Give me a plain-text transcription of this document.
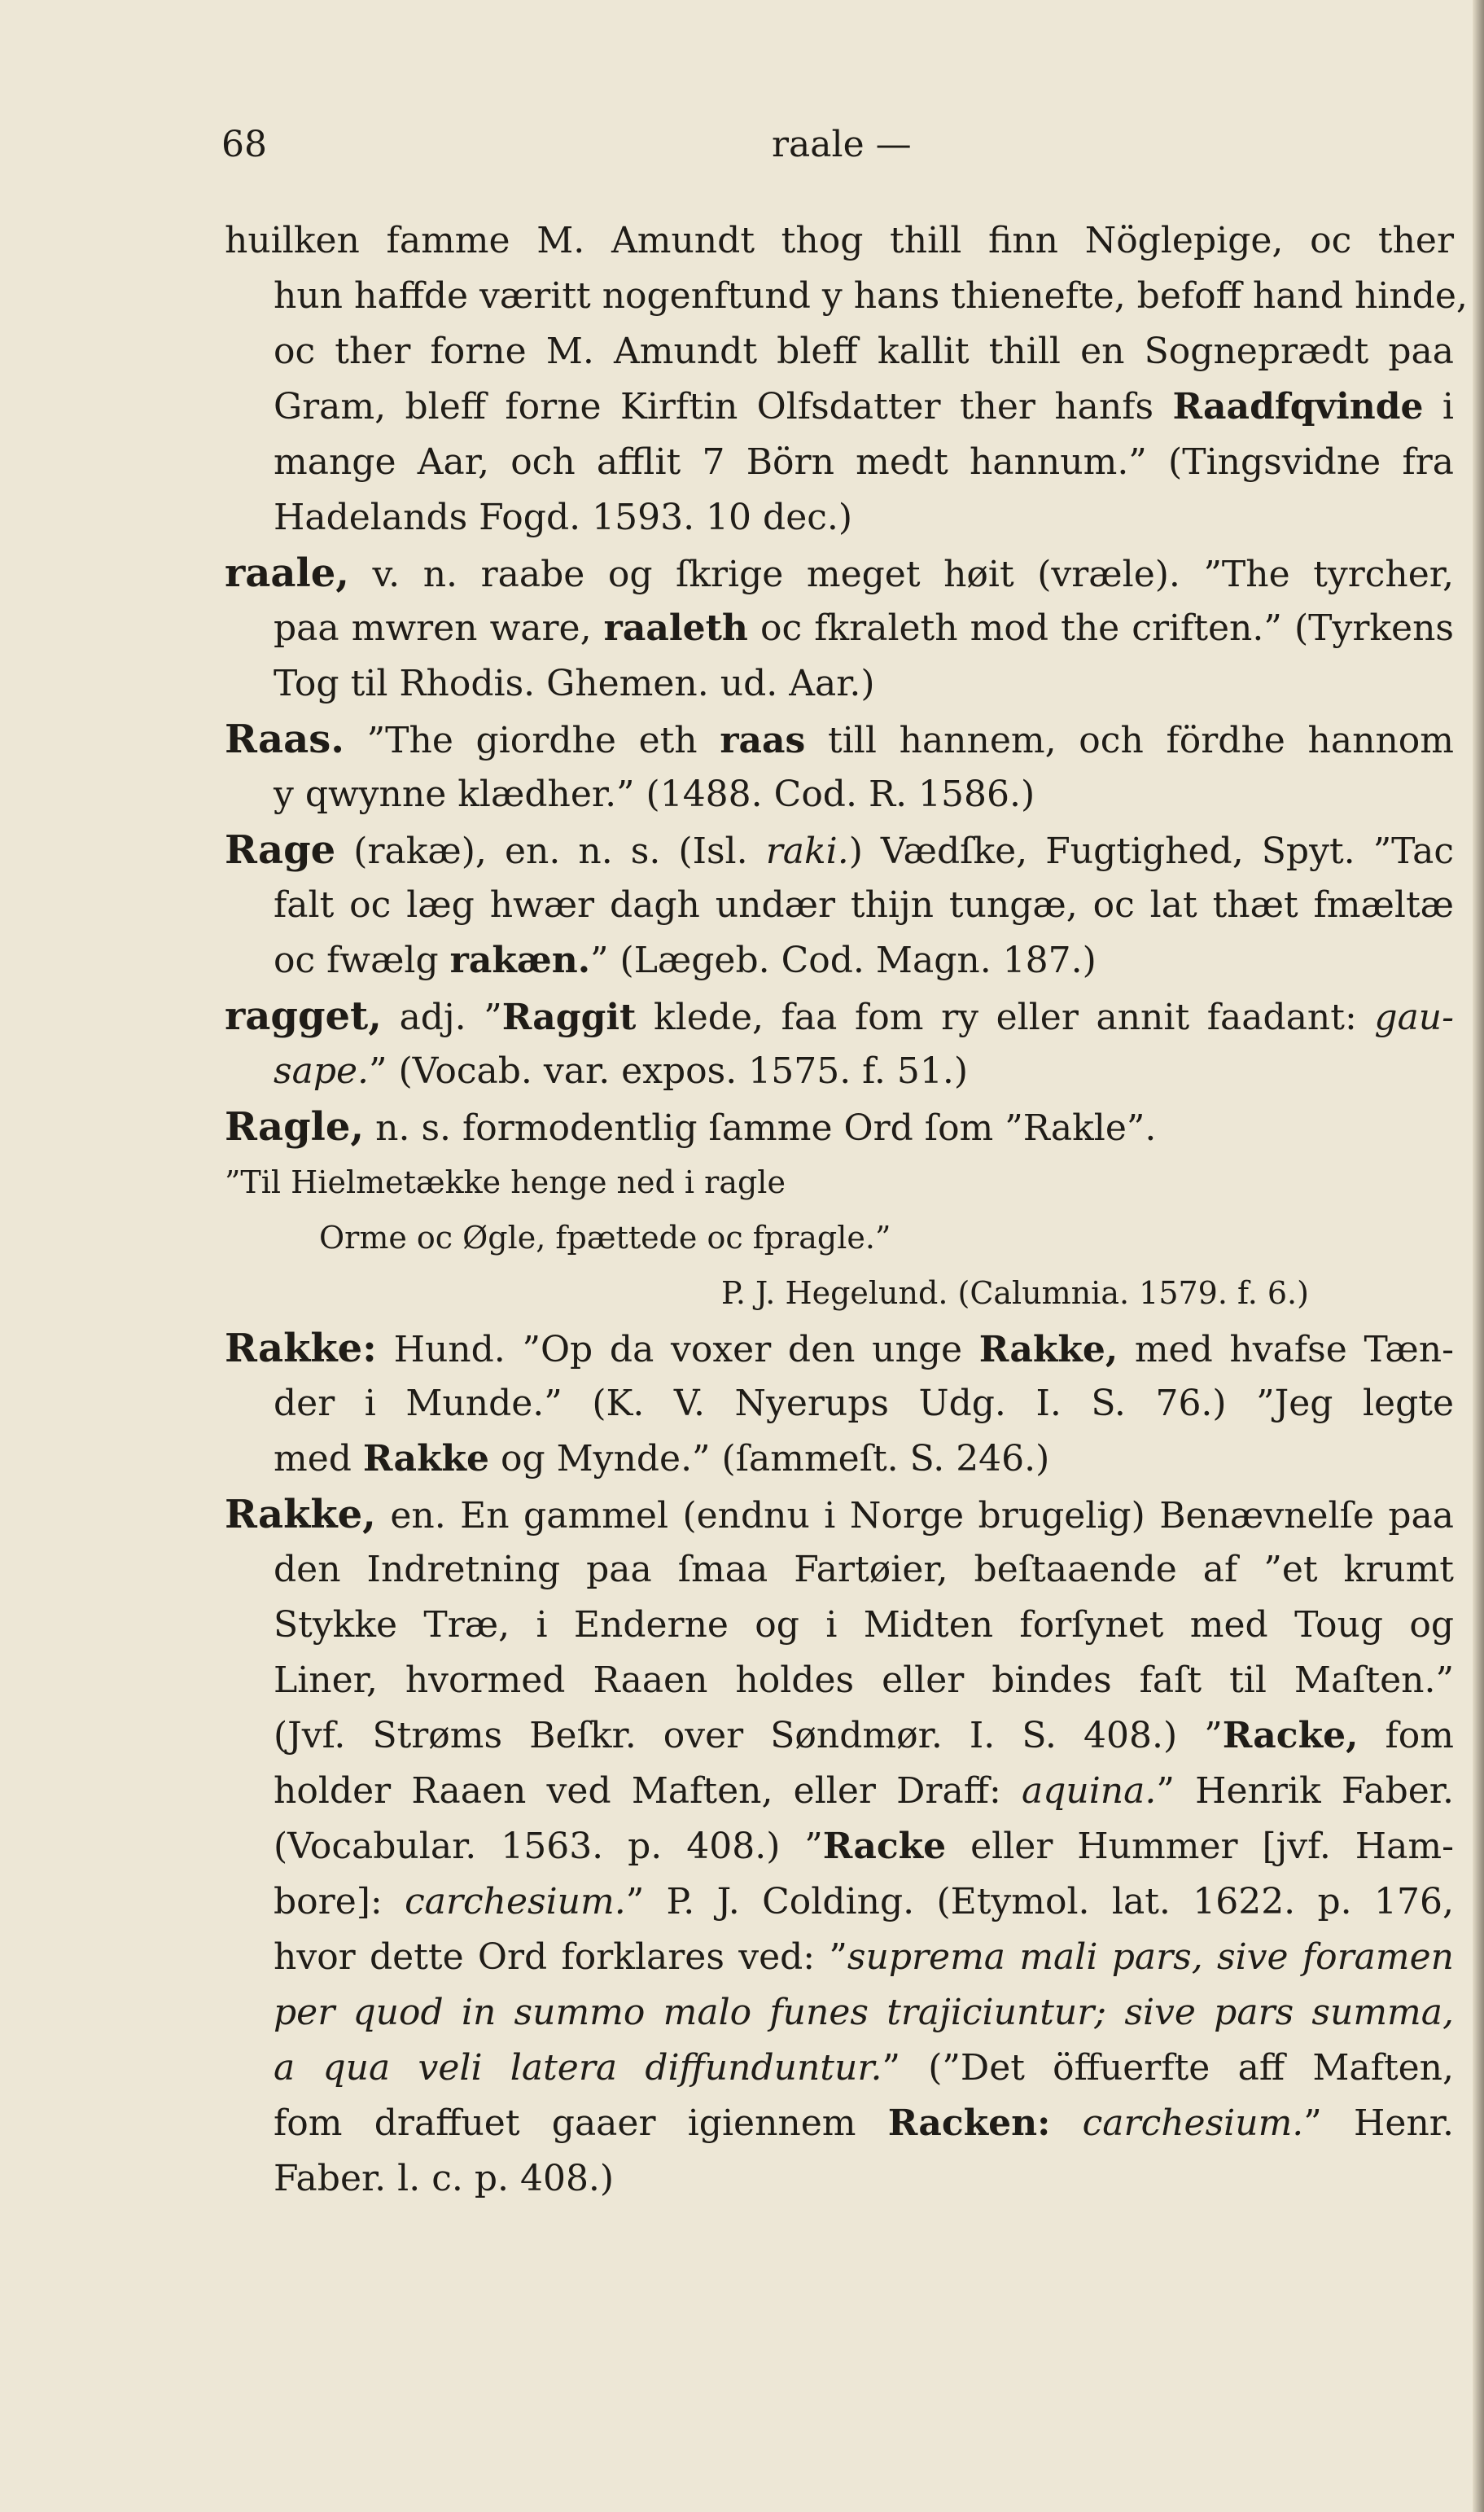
68	raale —
huilken famme M. Amundt thog thill finn Nöglepige, oc ther
hun haffde væritt nogenftund y hans thienefte, befoff hand hinde,
oc ther forne M. Amundt bleff kallit thill en Sogneprædt paa
Gram, bleff forne Kirftin Olfsdatter ther hanfs Raadfqvinde i
mange Aar, och afflit 7 Börn medt hannum.” (Tingsvidne fra
Hadelands Fogd. 1593. 10 dec.)
raale, v. n. raabe og ſkrige meget høit (vræle). ”The tyrcher,
paa mwren ware, raaleth oc fkraleth mod the criften.” (Tyrkens
Tog til Rhodis. Ghemen. ud. Aar.)
Raas. ”The giordhe eth raas till hannem, och fördhe hannom
y qwynne klædher.” (1488. Cod. R. 1586.)
Rage (rakæ), en. n. s. (Isl. raki.) Vædſke, Fugtighed, Spyt. ”Tac
falt oc læg hwær dagh undær thijn tungæ, oc lat thæt fmæltæ
oc fwælg rakæn.” (Lægeb. Cod. Magn. 187.)
ragget, adj. ”Raggit klede, faa fom ry eller annit faadant: gau-
sape.” (Vocab. var. expos. 1575. f. 51.)
Ragle, n. s. formodentlig ſamme Ord ſom ”Rakle”.
”Til Hielmetække henge ned i ragle
Orme oc Øgle, fpættede oc fpragle.”
P. J. Hegelund. (Calumnia. 1579. f. 6.)
Rakke: Hund. ”Op da voxer den unge Rakke, med hvafse Tæn-
der i Munde.” (K. V. Nyerups Udg. I. S. 76.) ”Jeg legte
med Rakke og Mynde.” (ſammeſt. S. 246.)
Rakke, en. En gammel (endnu i Norge brugelig) Benævnelſe paa
den Indretning paa ſmaa Fartøier, beſtaaende af ”et krumt
Stykke Træ, i Enderne og i Midten forſynet med Toug og
Liner, hvormed Raaen holdes eller bindes faſt til Maſten.”
(Jvf. Strøms Beſkr. over Søndmør. I. S. 408.) ”Racke, fom
holder Raaen ved Maften, eller Draff: aquina.” Henrik Faber.
(Vocabular. 1563. p. 408.) ”Racke eller Hummer [jvf. Ham-
bore]: carchesium.” P. J. Colding. (Etymol. lat. 1622. p. 176,
hvor dette Ord forklares ved: ”suprema mali pars, sive foramen
per quod in summo malo funes trajiciuntur; sive pars summa,
a qua veli latera diffunduntur.” (”Det öffuerfte aff Maften,
fom draffuet gaaer igiennem Racken: carchesium.” Henr.
Faber. l. c. p. 408.)
